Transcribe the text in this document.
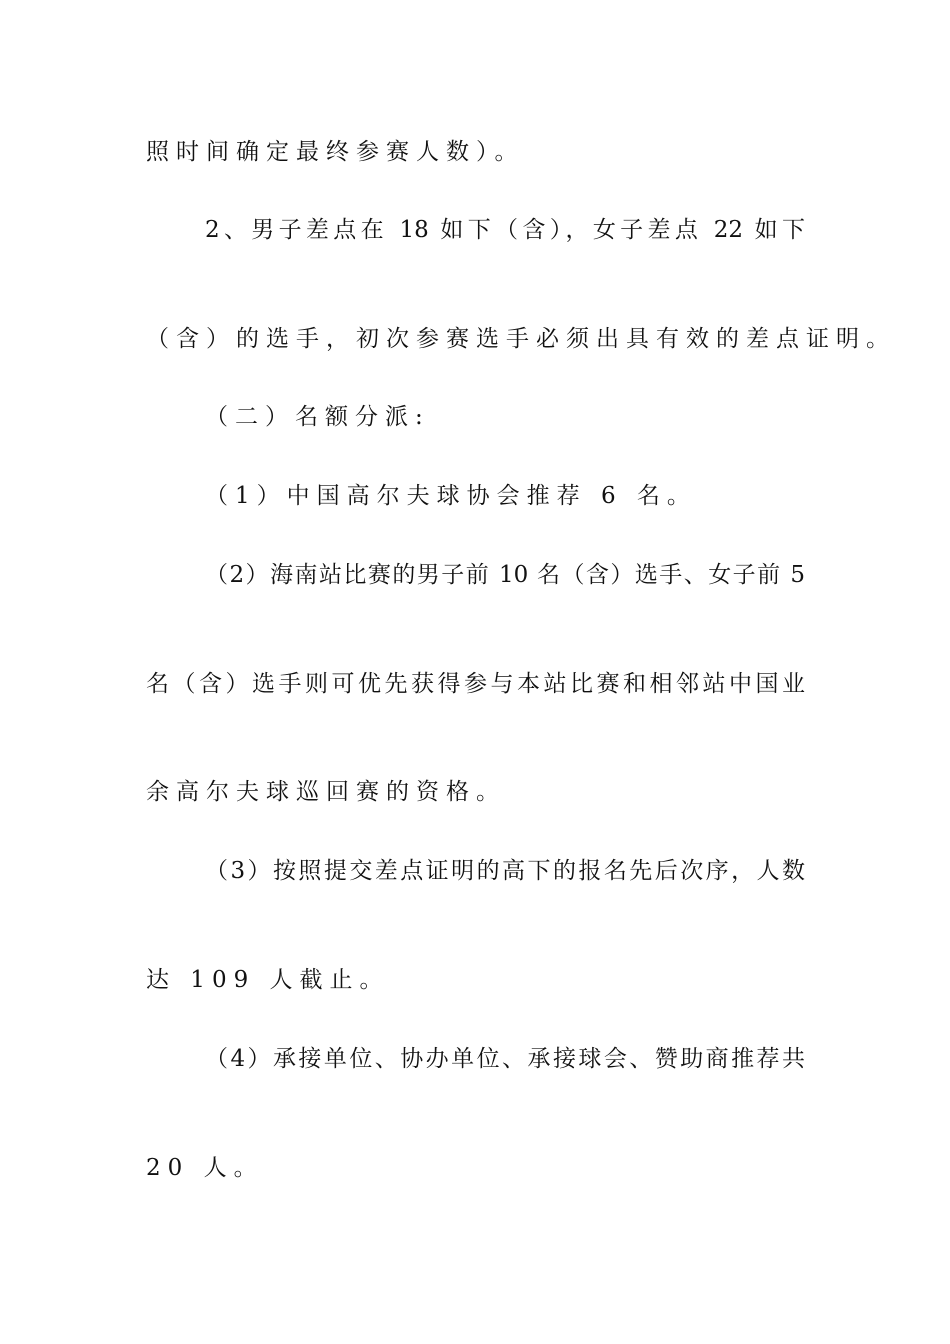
照时间确定最终参赛人数）。

2、男子差点在 18 如下（含），女子差点 22 如下

（含）的选手，初次参赛选手必须出具有效的差点证明。

（二）名额分派:

（1）中国高尔夫球协会推荐 6 名。

（2）海南站比赛的男子前 10 名（含）选手、女子前 5

名（含）选手则可优先获得参与本站比赛和相邻站中国业

余高尔夫球巡回赛的资格。

（3）按照提交差点证明的高下的报名先后次序，人数

达 109 人截止。

（4）承接单位、协办单位、承接球会、赞助商推荐共

20 人。
